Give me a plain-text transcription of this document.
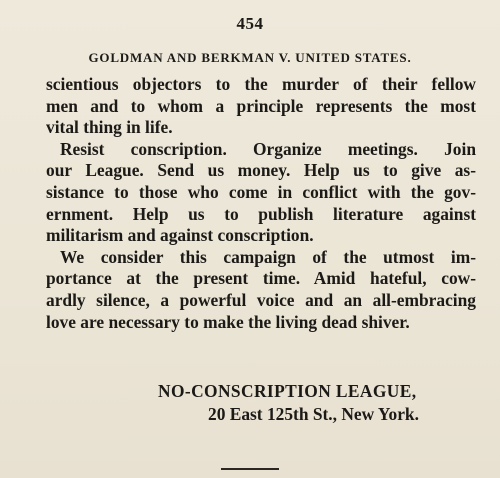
454
GOLDMAN AND BERKMAN V. UNITED STATES.
scientious objectors to the murder of their fellow
men and to whom a principle represents the most
vital thing in life.
Resist conscription. Organize meetings. Join
our League. Send us money. Help us to give as-
sistance to those who come in conflict with the gov-
ernment. Help us to publish literature against
militarism and against conscription.
We consider this campaign of the utmost im-
portance at the present time. Amid hateful, cow-
ardly silence, a powerful voice and an all-embracing
love are necessary to make the living dead shiver.
NO-CONSCRIPTION LEAGUE,
20 East 125th St., New York.
